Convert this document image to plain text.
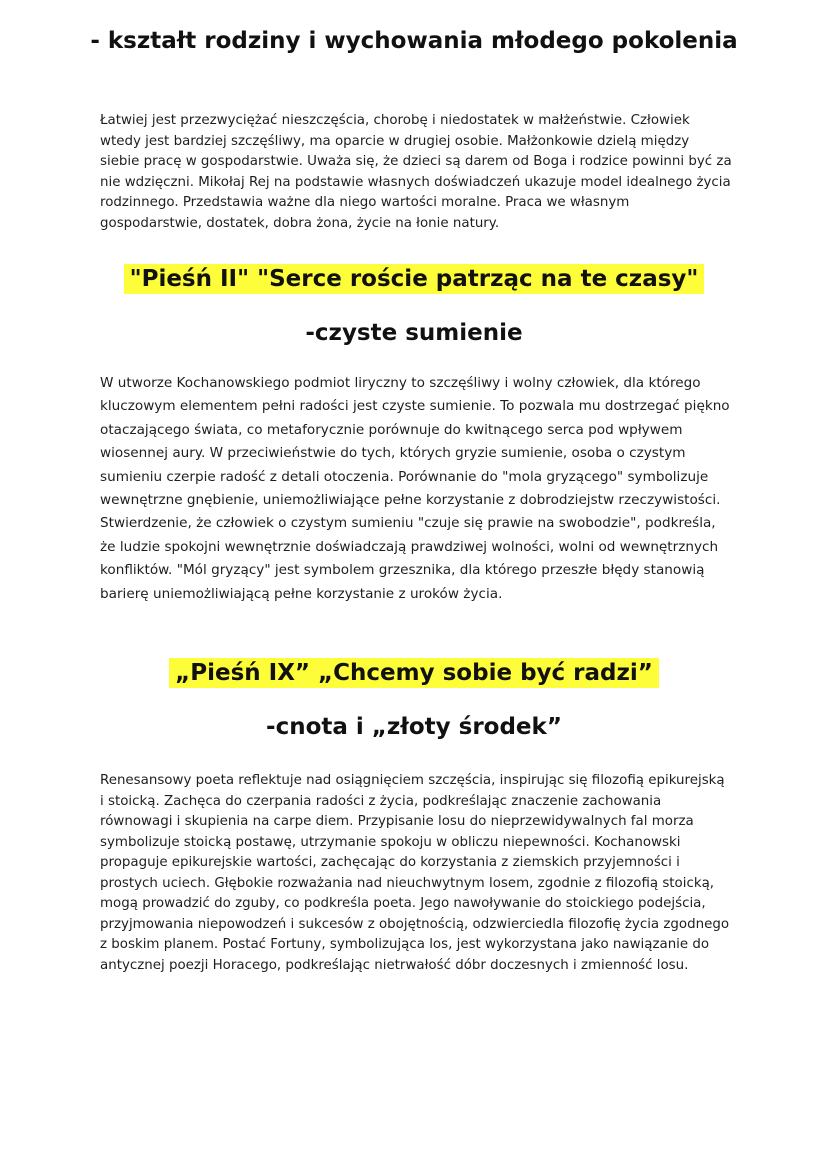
- kształt rodziny i wychowania młodego pokolenia

Łatwiej jest przezwyciężać nieszczęścia, chorobę i niedostatek w małżeństwie. Człowiek wtedy jest bardziej szczęśliwy, ma oparcie w drugiej osobie. Małżonkowie dzielą między siebie pracę w gospodarstwie. Uważa się, że dzieci są darem od Boga i rodzice powinni być za nie wdzięczni. Mikołaj Rej na podstawie własnych doświadczeń ukazuje model idealnego życia rodzinnego. Przedstawia ważne dla niego wartości moralne. Praca we własnym gospodarstwie, dostatek, dobra żona, życie na łonie natury.

"Pieśń II" "Serce roście patrząc na te czasy"
-czyste sumienie

W utworze Kochanowskiego podmiot liryczny to szczęśliwy i wolny człowiek, dla którego kluczowym elementem pełni radości jest czyste sumienie. To pozwala mu dostrzegać piękno otaczającego świata, co metaforycznie porównuje do kwitnącego serca pod wpływem wiosennej aury. W przeciwieństwie do tych, których gryzie sumienie, osoba o czystym sumieniu czerpie radość z detali otoczenia. Porównanie do "mola gryzącego" symbolizuje wewnętrzne gnębienie, uniemożliwiające pełne korzystanie z dobrodziejstw rzeczywistości. Stwierdzenie, że człowiek o czystym sumieniu "czuje się prawie na swobodzie", podkreśla, że ludzie spokojni wewnętrznie doświadczają prawdziwej wolności, wolni od wewnętrznych konfliktów. "Mól gryzący" jest symbolem grzesznika, dla którego przeszłe błędy stanowią barierę uniemożliwiającą pełne korzystanie z uroków życia.

„Pieśń IX” „Chcemy sobie być radzi”
-cnota i „złoty środek”

Renesansowy poeta reflektuje nad osiągnięciem szczęścia, inspirując się filozofią epikurejską i stoicką. Zachęca do czerpania radości z życia, podkreślając znaczenie zachowania równowagi i skupienia na carpe diem. Przypisanie losu do nieprzewidywalnych fal morza symbolizuje stoicką postawę, utrzymanie spokoju w obliczu niepewności. Kochanowski propaguje epikurejskie wartości, zachęcając do korzystania z ziemskich przyjemności i prostych uciech. Głębokie rozważania nad nieuchwytnym losem, zgodnie z filozofią stoicką, mogą prowadzić do zguby, co podkreśla poeta. Jego nawoływanie do stoickiego podejścia, przyjmowania niepowodzeń i sukcesów z obojętnością, odzwierciedla filozofię życia zgodnego z boskim planem. Postać Fortuny, symbolizująca los, jest wykorzystana jako nawiązanie do antycznej poezji Horacego, podkreślając nietrwałość dóbr doczesnych i zmienność losu.
